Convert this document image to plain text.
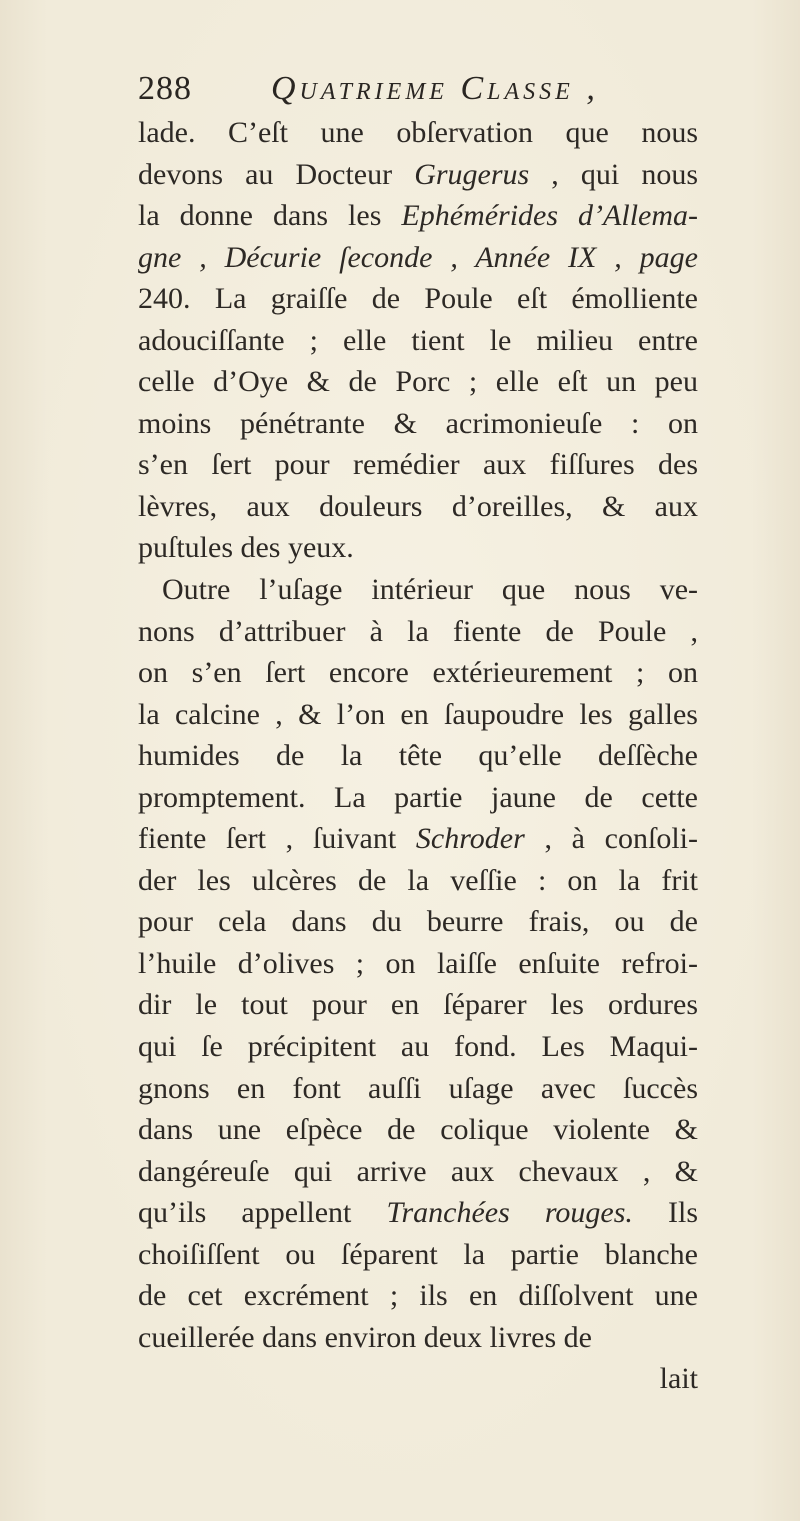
288 Quatrieme Classe ,
lade. C’eſt une obſervation que nous
devons au Docteur Grugerus , qui nous
la donne dans les Ephémérides d’Allema-
gne , Décurie ſeconde , Année IX , page
240. La graiſſe de Poule eſt émolliente
adouciſſante ; elle tient le milieu entre
celle d’Oye & de Porc ; elle eſt un peu
moins pénétrante & acrimonieuſe : on
s’en ſert pour remédier aux fiſſures des
lèvres, aux douleurs d’oreilles, & aux
puſtules des yeux.
Outre l’uſage intérieur que nous ve-
nons d’attribuer à la fiente de Poule ,
on s’en ſert encore extérieurement ; on
la calcine , & l’on en ſaupoudre les galles
humides de la tête qu’elle deſſèche
promptement. La partie jaune de cette
fiente ſert , ſuivant Schroder , à conſoli-
der les ulcères de la veſſie : on la frit
pour cela dans du beurre frais, ou de
l’huile d’olives ; on laiſſe enſuite refroi-
dir le tout pour en ſéparer les ordures
qui ſe précipitent au fond. Les Maqui-
gnons en font auſſi uſage avec ſuccès
dans une eſpèce de colique violente &
dangéreuſe qui arrive aux chevaux , &
qu’ils appellent Tranchées rouges. Ils
choiſiſſent ou ſéparent la partie blanche
de cet excrément ; ils en diſſolvent une
cueillerée dans environ deux livres de
lait
